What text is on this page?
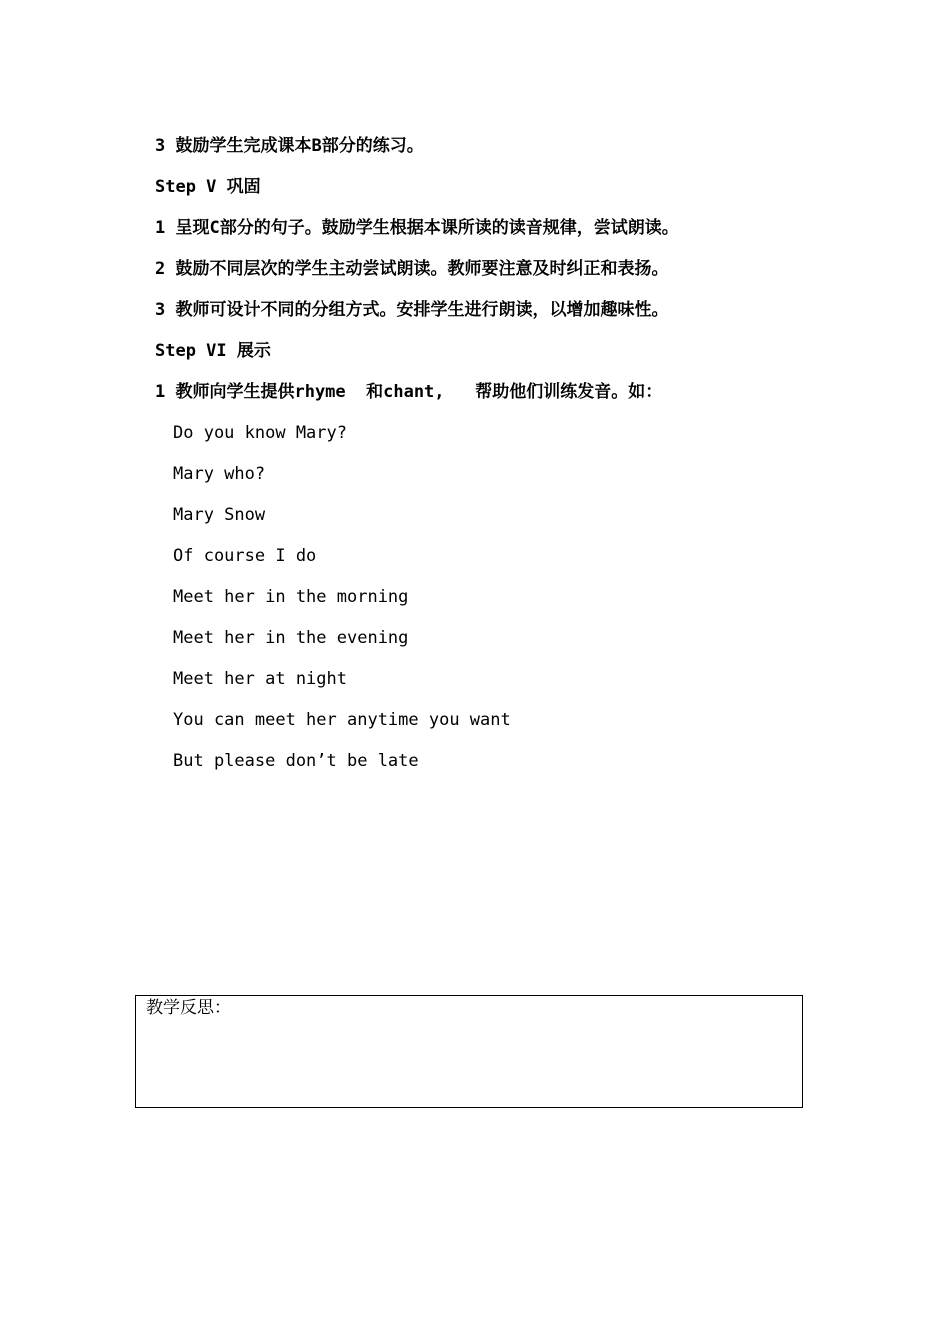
3 鼓励学生完成课本B部分的练习。
Step V 巩固
1 呈现C部分的句子。鼓励学生根据本课所读的读音规律，尝试朗读。
2 鼓励不同层次的学生主动尝试朗读。教师要注意及时纠正和表扬。
3 教师可设计不同的分组方式。安排学生进行朗读，以增加趣味性。
Step VI 展示
1 教师向学生提供rhyme  和chant,   帮助他们训练发音。如：
Do you know Mary?
Mary who?
Mary Snow
Of course I do
Meet her in the morning
Meet her in the evening
Meet her at night
You can meet her anytime you want
But please don’t be late
教学反思：
